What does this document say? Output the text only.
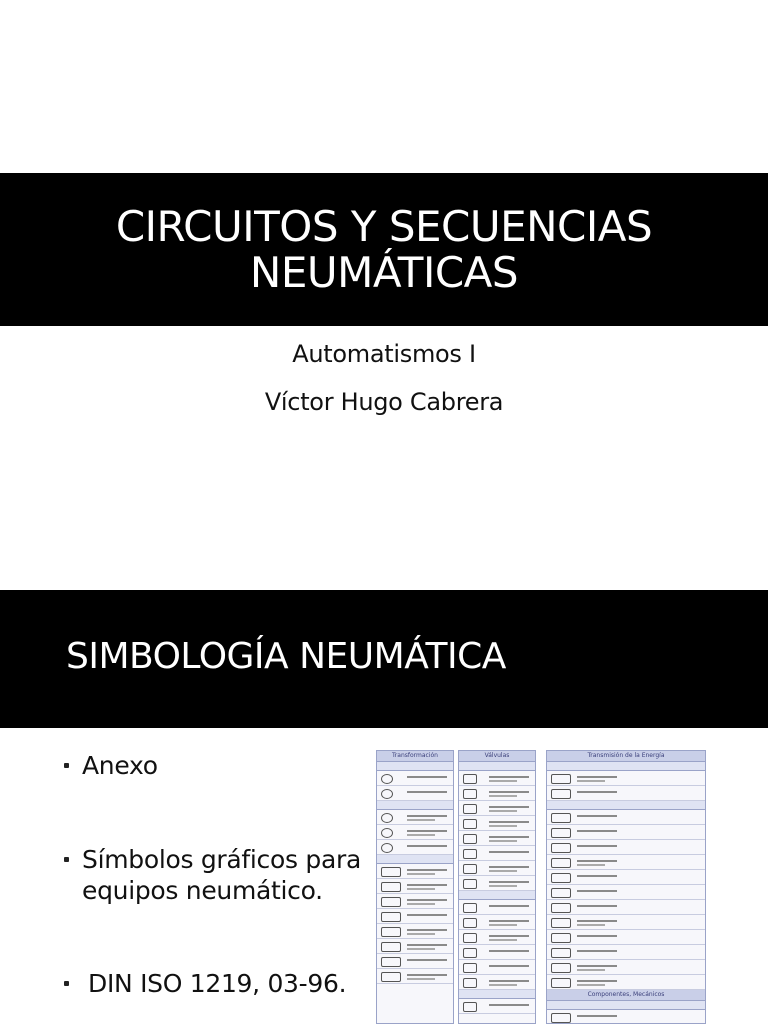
CIRCUITOS Y SECUENCIAS
NEUMÁTICAS
Automatismos I
Víctor Hugo Cabrera
SIMBOLOGÍA NEUMÁTICA
Anexo
Símbolos gráficos para equipos neumático.
DIN ISO 1219, 03-96.
Transformación	Válvulas	Transmisión de la Energía
Componentes, Mecánicos
